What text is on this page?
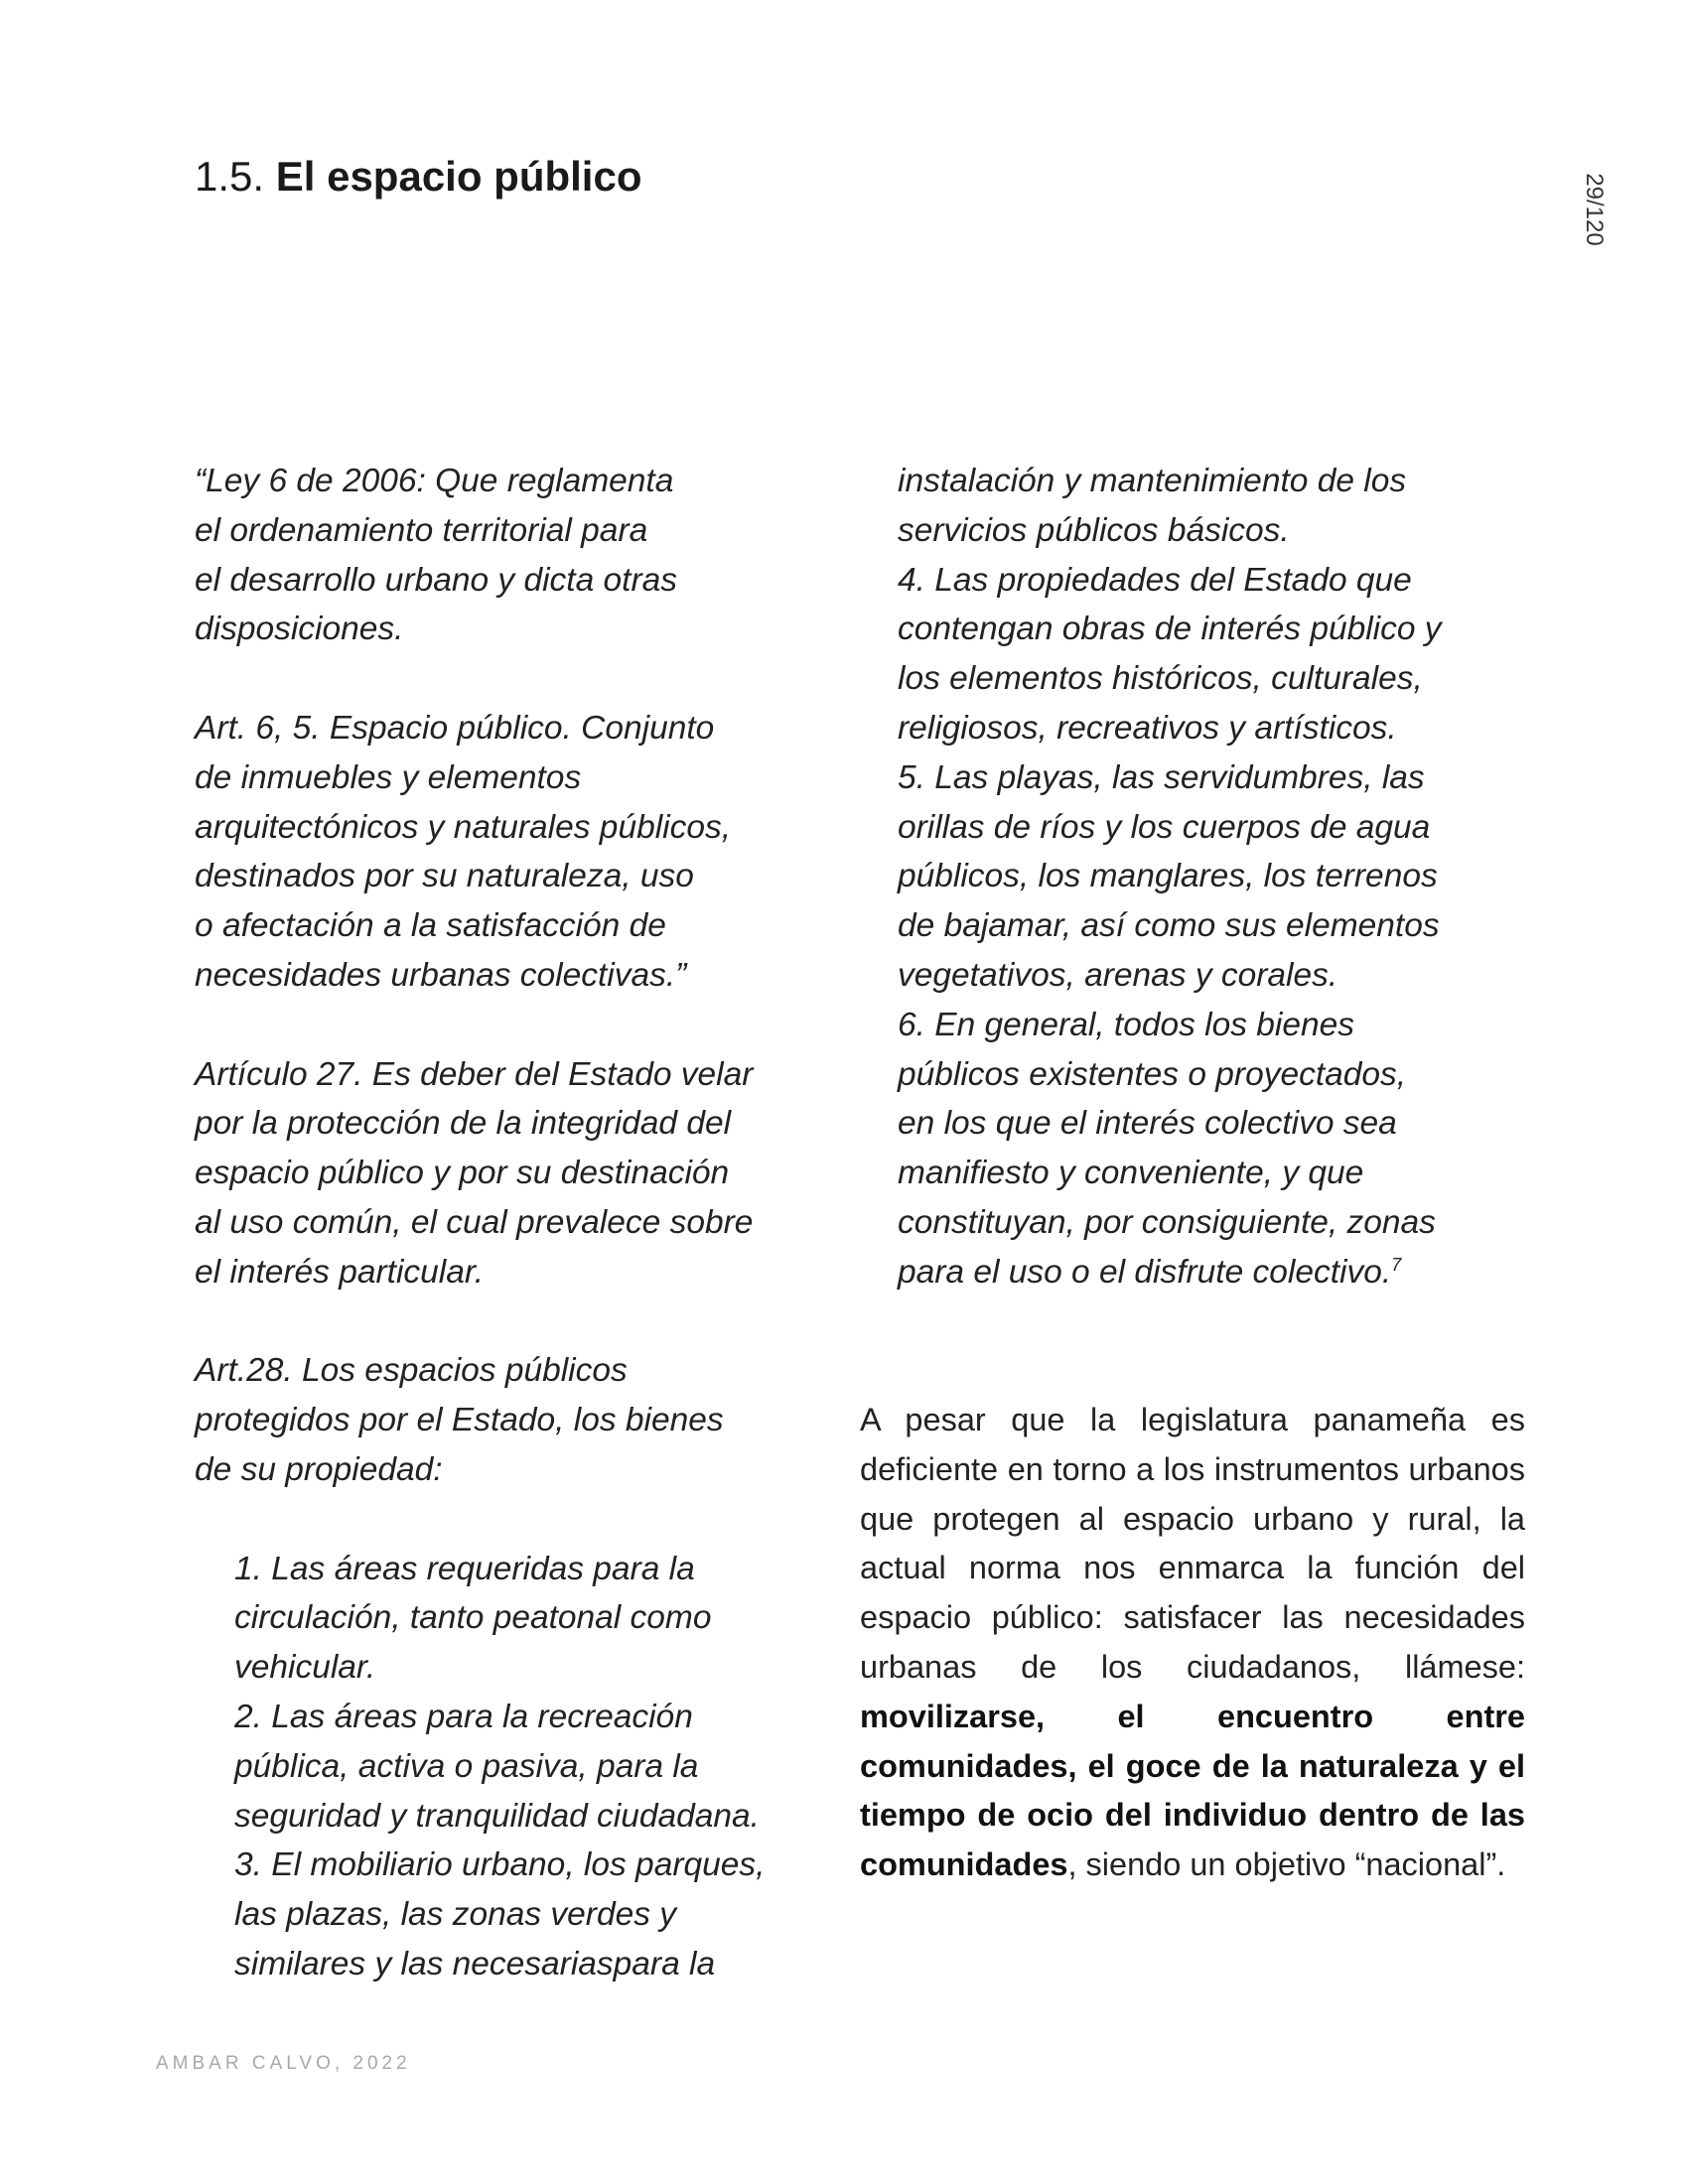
1.5. El espacio público	29/120

“Ley 6 de 2006: Que reglamenta
el ordenamiento territorial para
el desarrollo urbano y dicta otras
disposiciones.

Art. 6, 5. Espacio público. Conjunto
de inmuebles y elementos
arquitectónicos y naturales públicos,
destinados por su naturaleza, uso
o afectación a la satisfacción de
necesidades urbanas colectivas.”

Artículo 27. Es deber del Estado velar
por la protección de la integridad del
espacio público y por su destinación
al uso común, el cual prevalece sobre
el interés particular.

Art.28. Los espacios públicos
protegidos por el Estado, los bienes
de su propiedad:

1. Las áreas requeridas para la
circulación, tanto peatonal como
vehicular.
2. Las áreas para la recreación
pública, activa o pasiva, para la
seguridad y tranquilidad ciudadana.
3. El mobiliario urbano, los parques,
las plazas, las zonas verdes y
similares y las necesariaspara la

instalación y mantenimiento de los
servicios públicos básicos.
4. Las propiedades del Estado que
contengan obras de interés público y
los elementos históricos, culturales,
religiosos, recreativos y artísticos.
5. Las playas, las servidumbres, las
orillas de ríos y los cuerpos de agua
públicos, los manglares, los terrenos
de bajamar, así como sus elementos
vegetativos, arenas y corales.
6. En general, todos los bienes
públicos existentes o proyectados,
en los que el interés colectivo sea
manifiesto y conveniente, y que
constituyan, por consiguiente, zonas
para el uso o el disfrute colectivo.$^7$

A pesar que la legislatura panameña es deficiente en torno a los instrumentos urbanos que protegen al espacio urbano y rural, la actual norma nos enmarca la función del espacio público: satisfacer las necesidades urbanas de los ciudadanos, llámese: movilizarse, el encuentro entre comunidades, el goce de la naturaleza y el tiempo de ocio del individuo dentro de las comunidades, siendo un objetivo “nacional”.
AMBAR CALVO, 2022
